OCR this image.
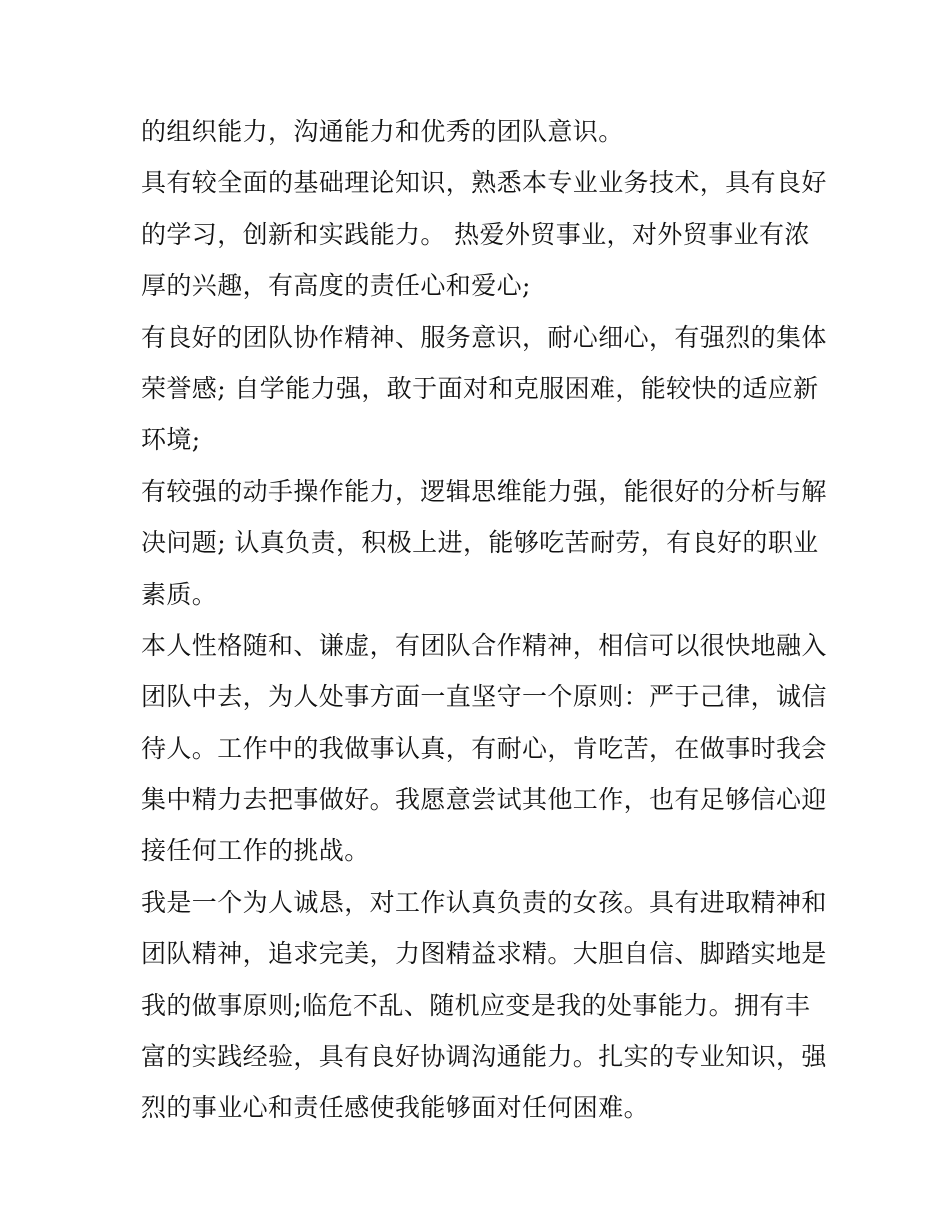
的组织能力，沟通能力和优秀的团队意识。
具有较全面的基础理论知识，熟悉本专业业务技术，具有良好
的学习，创新和实践能力。 热爱外贸事业，对外贸事业有浓
厚的兴趣，有高度的责任心和爱心;
有良好的团队协作精神、服务意识，耐心细心，有强烈的集体
荣誉感; 自学能力强，敢于面对和克服困难，能较快的适应新
环境;
有较强的动手操作能力，逻辑思维能力强，能很好的分析与解
决问题; 认真负责，积极上进，能够吃苦耐劳，有良好的职业
素质。
本人性格随和、谦虚，有团队合作精神，相信可以很快地融入
团队中去，为人处事方面一直坚守一个原则：严于己律，诚信
待人。工作中的我做事认真，有耐心，肯吃苦，在做事时我会
集中精力去把事做好。我愿意尝试其他工作，也有足够信心迎
接任何工作的挑战。
我是一个为人诚恳，对工作认真负责的女孩。具有进取精神和
团队精神，追求完美，力图精益求精。大胆自信、脚踏实地是
我的做事原则;临危不乱、随机应变是我的处事能力。拥有丰
富的实践经验，具有良好协调沟通能力。扎实的专业知识，强
烈的事业心和责任感使我能够面对任何困难。
